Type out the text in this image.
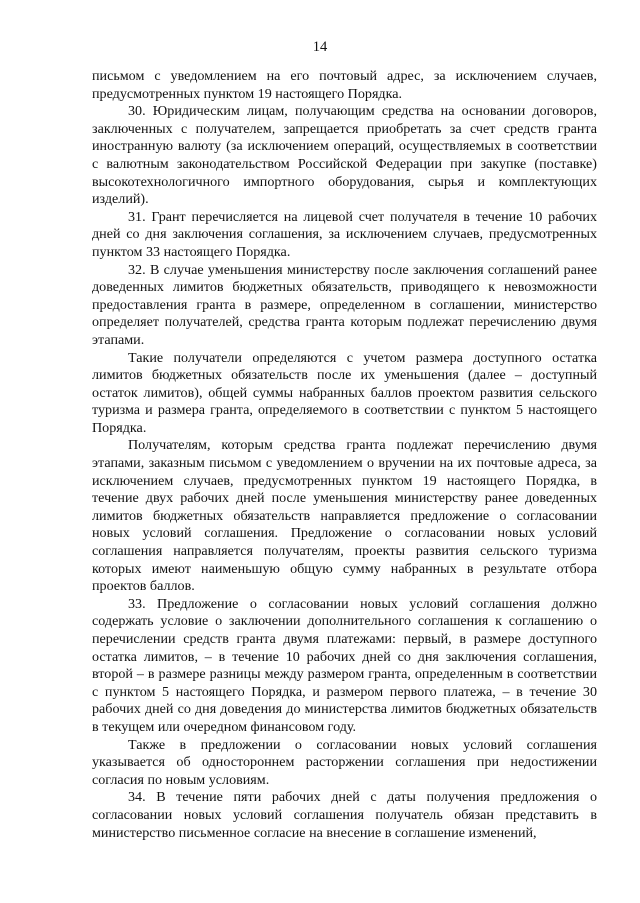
14

письмом с уведомлением на его почтовый адрес, за исключением случаев, предусмотренных пунктом 19 настоящего Порядка.

30. Юридическим лицам, получающим средства на основании договоров, заключенных с получателем, запрещается приобретать за счет средств гранта иностранную валюту (за исключением операций, осуществляемых в соответствии с валютным законодательством Российской Федерации при закупке (поставке) высокотехнологичного импортного оборудования, сырья и комплектующих изделий).

31. Грант перечисляется на лицевой счет получателя в течение 10 рабочих дней со дня заключения соглашения, за исключением случаев, предусмотренных пунктом 33 настоящего Порядка.

32. В случае уменьшения министерству после заключения соглашений ранее доведенных лимитов бюджетных обязательств, приводящего к невозможности предоставления гранта в размере, определенном в соглашении, министерство определяет получателей, средства гранта которым подлежат перечислению двумя этапами.

Такие получатели определяются с учетом размера доступного остатка лимитов бюджетных обязательств после их уменьшения (далее – доступный остаток лимитов), общей суммы набранных баллов проектом развития сельского туризма и размера гранта, определяемого в соответствии с пунктом 5 настоящего Порядка.

Получателям, которым средства гранта подлежат перечислению двумя этапами, заказным письмом с уведомлением о вручении на их почтовые адреса, за исключением случаев, предусмотренных пунктом 19 настоящего Порядка, в течение двух рабочих дней после уменьшения министерству ранее доведенных лимитов бюджетных обязательств направляется предложение о согласовании новых условий соглашения. Предложение о согласовании новых условий соглашения направляется получателям, проекты развития сельского туризма которых имеют наименьшую общую сумму набранных в результате отбора проектов баллов.

33. Предложение о согласовании новых условий соглашения должно содержать условие о заключении дополнительного соглашения к соглашению о перечислении средств гранта двумя платежами: первый, в размере доступного остатка лимитов, – в течение 10 рабочих дней со дня заключения соглашения, второй – в размере разницы между размером гранта, определенным в соответствии с пунктом 5 настоящего Порядка, и размером первого платежа, – в течение 30 рабочих дней со дня доведения до министерства лимитов бюджетных обязательств в текущем или очередном финансовом году.

Также в предложении о согласовании новых условий соглашения указывается об одностороннем расторжении соглашения при недостижении согласия по новым условиям.

34. В течение пяти рабочих дней с даты получения предложения о согласовании новых условий соглашения получатель обязан представить в министерство письменное согласие на внесение в соглашение изменений,
